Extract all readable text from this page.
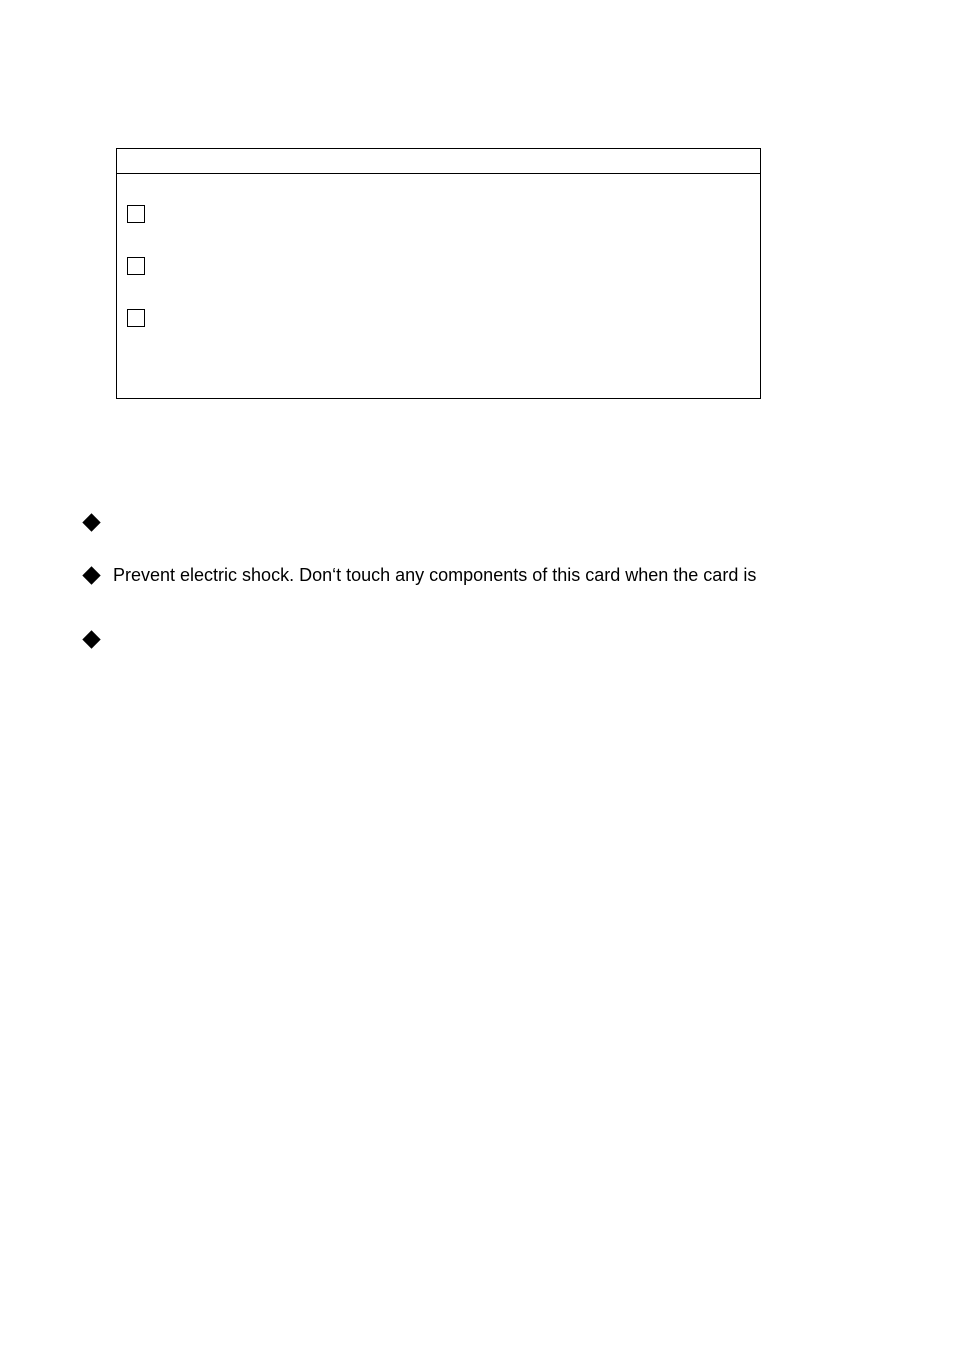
Prevent electric shock. Don‘t touch any components of this card when the card is
